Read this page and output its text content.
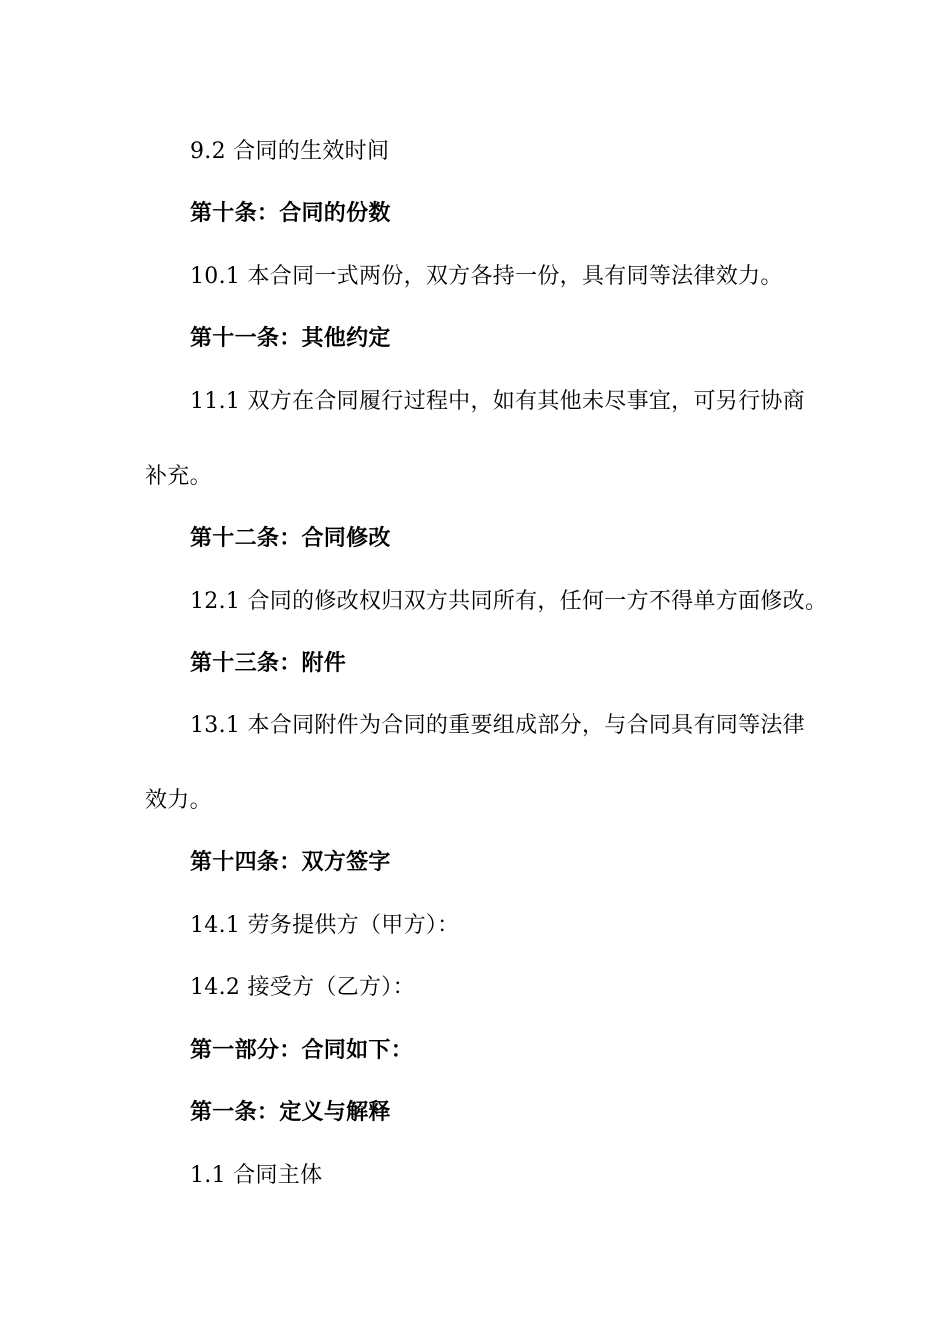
9.2 合同的生效时间
第十条：合同的份数
10.1 本合同一式两份，双方各持一份，具有同等法律效力。
第十一条：其他约定
11.1 双方在合同履行过程中，如有其他未尽事宜，可另行协商
补充。
第十二条：合同修改
12.1 合同的修改权归双方共同所有，任何一方不得单方面修改。
第十三条：附件
13.1 本合同附件为合同的重要组成部分，与合同具有同等法律
效力。
第十四条：双方签字
14.1 劳务提供方（甲方）：
14.2 接受方（乙方）：
第一部分：合同如下：
第一条：定义与解释
1.1 合同主体
